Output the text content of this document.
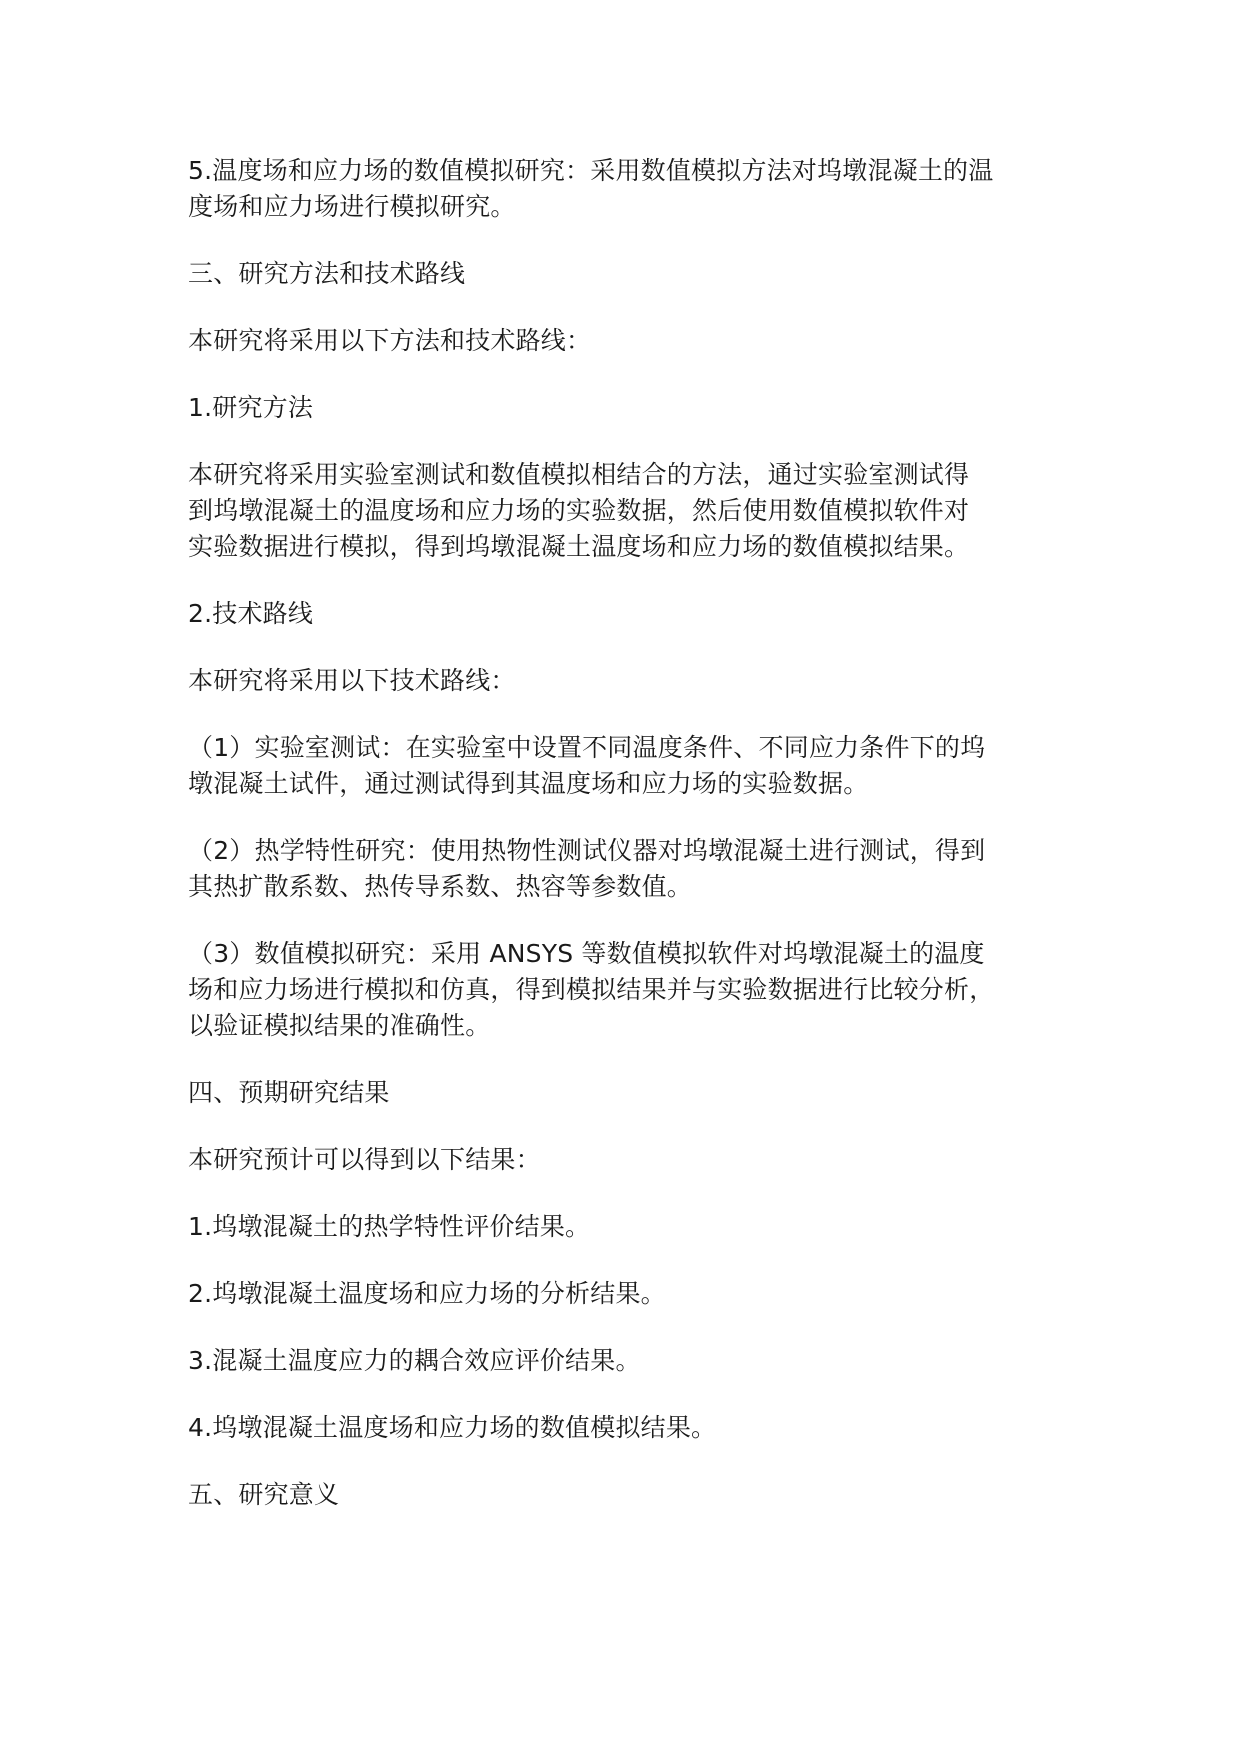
5.温度场和应力场的数值模拟研究：采用数值模拟方法对坞墩混凝土的温
度场和应力场进行模拟研究。

三、研究方法和技术路线

本研究将采用以下方法和技术路线：

1.研究方法

本研究将采用实验室测试和数值模拟相结合的方法，通过实验室测试得
到坞墩混凝土的温度场和应力场的实验数据，然后使用数值模拟软件对
实验数据进行模拟，得到坞墩混凝土温度场和应力场的数值模拟结果。

2.技术路线

本研究将采用以下技术路线：

（1）实验室测试：在实验室中设置不同温度条件、不同应力条件下的坞
墩混凝土试件，通过测试得到其温度场和应力场的实验数据。

（2）热学特性研究：使用热物性测试仪器对坞墩混凝土进行测试，得到
其热扩散系数、热传导系数、热容等参数值。

（3）数值模拟研究：采用 ANSYS 等数值模拟软件对坞墩混凝土的温度
场和应力场进行模拟和仿真，得到模拟结果并与实验数据进行比较分析，
以验证模拟结果的准确性。

四、预期研究结果

本研究预计可以得到以下结果：

1.坞墩混凝土的热学特性评价结果。

2.坞墩混凝土温度场和应力场的分析结果。

3.混凝土温度应力的耦合效应评价结果。

4.坞墩混凝土温度场和应力场的数值模拟结果。

五、研究意义
